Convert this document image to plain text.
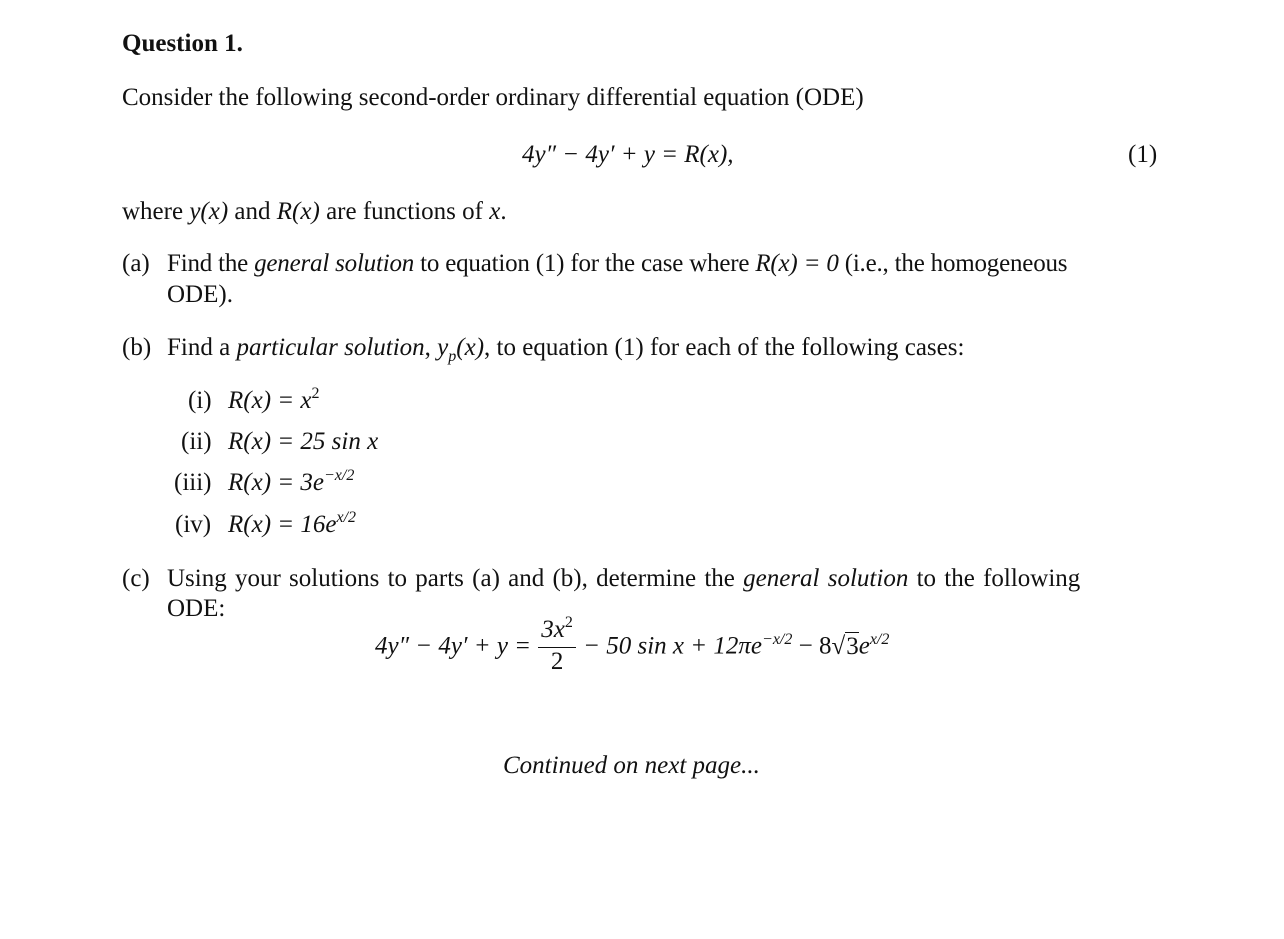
Question 1.
Consider the following second-order ordinary differential equation (ODE)
4y″ − 4y′ + y = R(x),	(1)
where y(x) and R(x) are functions of x.
(a) Find the general solution to equation (1) for the case where R(x) = 0 (i.e., the homogeneous
ODE).
(b) Find a particular solution, $y_p(x)$, to equation (1) for each of the following cases:
(i) $R(x) = x^2$
(ii) R(x) = 25 sin x
(iii) $R(x) = 3e^{-x/2}$
(iv) $R(x) = 16e^{x/2}$
(c) Using your solutions to parts (a) and (b), determine the general solution to the following
ODE:
$4y'' - 4y' + y = \frac{3x^2}{2} - 50$ $\sin x + 12\pi e^{-x/2} - 8√3e^{x/2}$
Continued on next page...
